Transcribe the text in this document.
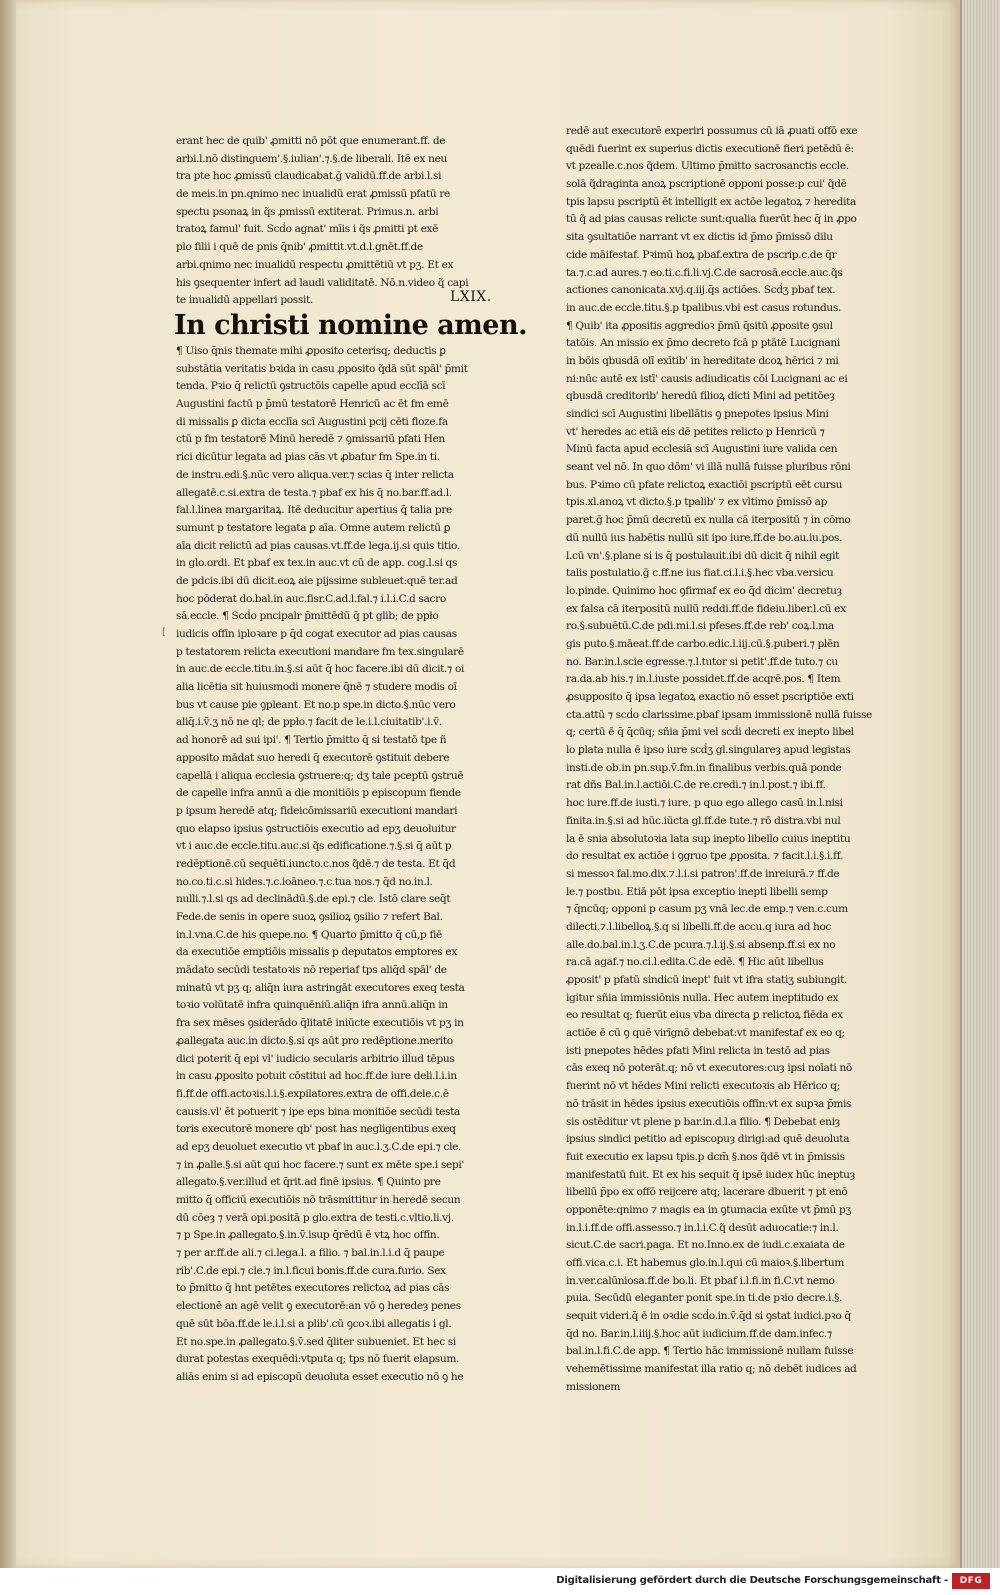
erant hec de quib' ꝓmitti nō pōt que enumerant.ff. de
arbi.l.nō distinguem'.§.iulian'.⁊.§.de liberali. Itē ex neu
tra pte hoc ꝓmissū claudicabat.ḡ validū.ff.de arbi.l.si
de meis.in pn.qnimo nec inualidū erat ꝓmissū pfatū re
spectu psonaꝝ in q̃s ꝓmissū extiterat. Primus.n. arbi
tratoꝝ famul' fuit. Scḋo agnat' mīis i q̃s ꝓmitti pt exē
plo filii i quē de pnis q̄nib' ꝓmittit.vt.d.l.gnēt.ff.de
arbi.qnimo nec inualidū respectu ꝓmittētiū vt pʒ. Et ex
his ꝯsequenter infert ad laudi validitatē. Nō.n.video q̃ capi
te inualidū appellari possit.	LXIX.
In christi nomine amen.
¶ Uiso q̄nis themate mihi ꝓposito ceterisq; deductis ꝑ
substātia veritatis bꝛida in casu ꝓposito q̃dā sūt spāl' p̄mit
tenda. Pꝛio q̄ relictū ꝯstructōis capelle apud ecclīā scī
Augustini factū p p̄mū testatorē Henricū ac ēt fm emē
di missalis ꝑ dicta ecclīa scī Augustini pcij cēti floze.fa
ctū p fm testatorē Minū heredē ⁊ ꝯmissariū pfati Hen
rici dicūtur legata ad pias cās vt ꝓbatur fm Spe.in ti.
de instru.edi.§.nūc vero aliqua.ver.⁊ scias q̄ inter relicta
allegatē.c.si.extra de testa.⁊ pbaf ex his q̄ no.bar.ff.ad.l.
fal.l.linea margaritaꝝ. Itē deducitur apertius q̄ talia pre
sumunt p testatore legata ꝑ aīa. Omne autem relictū ꝑ
aīa dicit relictū ad pias causas.vt.ff.de lega.ij.si quis titio.
in glo.ordi. Et pbaf ex tex.in auc.vt cū de app. cog.l.si qs
de pdcis.ibi dū dicit.eoꝝ aie pijssime subleuet:quē ter.ad
hoc pōderat do.bal.in auc.fisr.C.ad.l.fal.⁊ i.l.i.C.d sacro
sā.eccle. ¶ Scḋo pncipalr p̄mittēdū q̄ pt glib; de ppło
iudicis offīn iploꝛare p q̄d cogat executor ad pias causas
p testatorem relicta executioni mandare fm tex.singularē
in auc.de eccle.titu.in.§.si aūt q̄ hoc facere.ibi dū dicit.⁊ oi
alia licētia sit huiusmodi monere q̄nē ⁊ studere modis oī
bus vt cause pie ꝯpleant. Et no.p spe.in dicto.§.nūc vero
aliq̄.i.v̄.ʒ nō ne ql; de ppło.⁊ facit de le.i.l.ciuitatib'.i.v̄.
ad honorē ad sui ipi'. ¶ Tertio p̄mitto q̄ si testatō tpe ñ
apposito mādat suo heredi q̄ executorē ꝯstituit debere
capellā i aliqua ecclesia ꝯstruere:q; dʒ tale pceptū ꝯstruē
de capelle infra annū a die monitiōis p episcopum fiende
p ipsum heredē atq; fideicōmissariū executioni mandari
quo elapso ipsius ꝯstructiōis executio ad epʒ deuoluitur
vt i auc.de eccle.titu.auc.si q̃s edificatione.⁊.§.si q̄ aūt p
redēptionē.cū sequēti.iuncto.c.nos q̃dē.⁊ de testa. Et q̄d
no.co.ti.c.si hides.⁊.c.ioāneo.⁊.c.tua nos.⁊ q̄d no.in.l.
nulli.⁊.l.si qs ad declinādū.§.de epi.⁊ cle. Istō clare seq̄t
Fede.de senis in opere suoꝝ ꝯsilioꝝ ꝯsilio ⁊ refert Bal.
in.l.vna.C.de his quepe.no. ¶ Quarto p̄mitto q̄ cū,p fiē
da executiōe emptiōis missalis p deputatos emptores ex
mādato secūdi testatoꝛis nō reperiaf tps aliq̄d spāl' de
minatū vt pʒ q; aliq̄n iura astringāt executores exeq testa
toꝛio volūtatē infra quinquēniū.aliq̄n ifra annū.aliq̄n in
fra sex mēses ꝯsiderādo q̄litatē iniūcte executiōis vt pʒ in
ꝓallegata auc.in dicto.§.si qs aūt pro redēptione.merito
dici poterit q̄ epi vl' iudicio secularis arbitrio illud tēpus
in casu ꝓposito potuit cōstitui ad hoc.ff.de iure deli.l.i.in
fi.ff.de offi.actoꝛis.l.i.§.expilatores.extra de offi.dele.c.ē
causis.vl' ēt potuerit ⁊ ipe eps bina monitiōe secūdi testa
toris executorē monere qb' post has negligentibus exeq
ad epʒ deuoluet executio vt pbaf in auc.l.ʒ.C.de epi.⁊ cle.
⁊ in ꝓalle.§.si aūt qui hoc facere.⁊ sunt ex mēte spe.i sepi'
allegato.§.ver.illud et q̄rit.ad finē ipsius. ¶ Quinto pre
mitto q̄ officiū executiōis nō trāsmittitur in heredē secun
dū cōeȝ ⁊ verā opi.positā p glo.extra de testi.c.vltio.li.vj.
⁊ p Spe.in ꝓallegato.§.in.v̄.isup q̄rēdū ē vtꝝ hoc offīn.
⁊ per ar.ff.de ali.⁊ ci.lega.l. a filio. ⁊ bal.in.l.i.d q̄ paupe
rib'.C.de epi.⁊ cle.⁊ in.l.ficui bonis.ff.de cura.furio. Sex
to p̄mitto q̄ hnt petētes executores relictoꝝ ad pias cās
electionē an agē velit ꝯ executorē:an vō ꝯ heredeȝ penes
quē sūt bōa.ff.de le.i.l.si a plib'.cū ꝯcoꝛ.ibi allegatis i gl.
Et no.spe.in ꝓallegato.§.v̄.sed q̄liter subueniet. Et hec si
durat potestas exequēdi:vtputa q; tps nō fuerit elapsum.
aliās enim si ad episcopū deuoluta esset executio nō ꝯ he
[
redē aut executorē experiri possumus cū iā ꝓuati offō exe
quēdi fuerint ex superius dictis executionē fieri petēdū ē:
vt pzealle.c.nos q̃dem. Ultimo p̄mitto sacrosanctis eccle.
solā q̃draginta anoꝝ pscriptionē opponi posse:p cui' q̃dē
tpis lapsu pscriptū ēt intelligit ex actōe legatoꝝ ⁊ heredita
tū q̃ ad pias causas relicte sunt:qualia fuerūt hec q̄ in ꝓpo
sita ꝯsultatiōe narrant vt ex dictis id p̄mo p̄missō dilu
cide māifestaf. Pꝛimū hoꝝ pbaf.extra de pscrip.c.de q̄r
ta.⁊.c.ad aures.⁊ eo.ti.c.fi.li.vj.C.de sacrosā.eccle.auc.q̃s
actiones canonicata.xvj.q.iij.q̄s actiōes. Scḋʒ pbaf tex.
in auc.de eccle.titu.§.p tpalibus.vbi est casus rotundus.
¶ Quib' ita ꝓpositis aggredioꝛ p̄mū q̄sitū ꝓposite ꝯsul
tatōis. An missio ex p̄mo decreto fcā p ptātē Lucignani
in bōis qbusdā olī exītib' in hereditate dcoꝝ hērici ⁊ mi
ni:nūc autē ex istī' causis adiudicatis cōi Lucignani ac ei
qbusdā creditorib' heredū filioꝝ dicti Mini ad petitōeȝ
sindici scī Augustini libellātis ꝯ pnepotes ipsius Mini
vt' heredes ac etiā eis dē petites relicto p Henricū ⁊
Minū facta apud ecclesiā scī Augustini iure valida cen
seant vel nō. In quo dōm' vi illā nullā fuisse pluribus rōni
bus. Pꝛimo cū pfate relictoꝝ exactiōi pscriptū eēt cursu
tpis.xl.anoꝝ vt dicto.§.p tpalib' ⁊ ex vltimo p̄missō ap
paret.ḡ hoc p̄mū decretū ex nulla cā iterpositū ⁊ in cōmo
dū nullū ius habētis nullū sit ipo iure.ff.de bo.au.iu.pos.
l.cū vn'.§.plane si is q̄ postulauit.ibi dū dicit q̄ nihil egit
talis postulatio.ḡ c.ff.ne ius fiat.ci.l.i.§.hec vba.versicu
lo.pinde. Quinimo hoc ꝯfirmaf ex eo q̄d dicim' decretuȝ
ex falsa cā iterpositū nullū reddi.ff.de fideiu.liber.l.cū ex
ro.§.subuētū.C.de pdi.mi.l.si pfeses.ff.de reb' coꝝ.l.ma
gis puto.§.māeat.ff.de carbo.edic.l.iij.cū.§.puberi.⁊ plēn
no. Bar.in.l.scie egresse.⁊.l.tutor si petit'.ff.de tuto.⁊ cu
ra.da.ab his.⁊ in.l.iuste possidet.ff.de acqrē.pos. ¶ Item
ꝓsupposito q̄ ipsa legatoꝝ exactio nō esset pscriptiōe exti
cta.attū ⁊ scḋo clarissime.pbaf ipsam immissionē nullā fuisse
q; certū ē q̄ q̄cūq; sñia p̄mi vel scḋi decreti ex inepto libel
lo ꝑlata nulla ē ipso iure scḋʒ gl.singulareȝ apud legistas
insti.de ob.in pn.sup.v̄.fm.in finalibus verbis.quā ponde
rat dñs Bal.in.l.actiōi.C.de re.credi.⁊ in.l.post.⁊ ibi.ff.
hoc iure.ff.de iusti.⁊ iure. p quo ego allego casū in.l.nisi
finita.in.§.si ad hūc.iūcta gl.ff.de tute.⁊ rō distra.vbi nul
la ē snia absolutoꝛia lata sup inepto libello cuius ineptitu
do resultat ex actiōe i ꝯgruo tpe ꝓposita. ⁊ facit.l.i.§.i.ff.
si messoꝛ fal.mo.dix.⁊.l.i.si patron'.ff.de inreiurā.⁊ ff.de
le.⁊ postbu. Etiā pōt ipsa exceptio inepti libelli semp
⁊ q̄ncūq; opponi p casum pʒ vnā lec.de emp.⁊ ven.c.cum
dilecti.⁊.l.libelloꝝ.§.q si libelli.ff.de accu.q iura ad hoc
alle.do.bal.in.l.ʒ.C.de pcura.⁊.l.ij.§.si absenp.ff.si ex no
ra.cā agaf.⁊ no.ci.l.edita.C.de edē. ¶ Hic aūt libellus
ꝓposit' p pfatū sindicū inept' fuit vt ifra statiʒ subiungit.
igitur sñia immissiōnis nulla. Hec autem ineptitudo ex
eo resultat q; fuerūt eius vba directa ꝑ relictoꝝ fiēda ex
actiōe ē cū ꝯ quē virīgnō debebat:vt manifestaf ex eo q;
isti pnepotes hēdes pfati Mini relicta in testō ad pias
cās exeq nō poterāt.q; nō vt executores:cuȝ ipsi noīati nō
fuerint nō vt hēdes Mini relicti executoꝛis ab Hērico q;
nō trāsit in hēdes ipsius executiōis offīn:vt ex supꝛa p̄mis
sis ostēditur vt plene p bar.in.d.l.a filio. ¶ Debebat eniȝ
ipsius sindici petitio ad episcopuȝ dirigi:ad quē deuoluta
fuit executio ex lapsu tpis.p dcm̄ §.nos q̃dē vt in p̄missis
manifestatū fuit. Et ex his sequit q̄ ipsē iudex hūc ineptuȝ
libellū p̄po ex offō reijcere atq; lacerare dbuerit ⁊ pt enō
opponēte:qnimo ⁊ magis ea in ꝯtumacia exūte vt p̄mū pʒ
in.l.i.ff.de offi.assesso.⁊ in.l.i.C.q̃ desūt aduocatie:⁊ in.l.
sicut.C.de sacri.paga. Et no.Inno.ex de iudi.c.exaiata de
offi.vica.c.i. Et habemus glo.in.l.qui cū maioꝛ.§.libertum
in.ver.calūniosa.ff.de bo.li. Et pbaf i.l.fi.in fi.C.vt nemo
puia. Secūdū eleganter ponit spe.in ti.de pꝛio decre.i.§.
sequit videri.q̄ ē in oꝛdie scḋo.in.v̄.q̄d si ꝯstat iudici.pꝛo q̄
q̄d no. Bar.in.l.iiij.§.hoc aūt iudicium.ff.de dam.infec.⁊
bal.in.l.fi.C.de app. ¶ Tertio hāc immissionē nullam fuisse
vehemētissime manifestat illa ratio q; nō debēt iudices ad
missionem
Digitalisierung gefördert durch die Deutsche Forschungsgemeinschaft -	DFG
